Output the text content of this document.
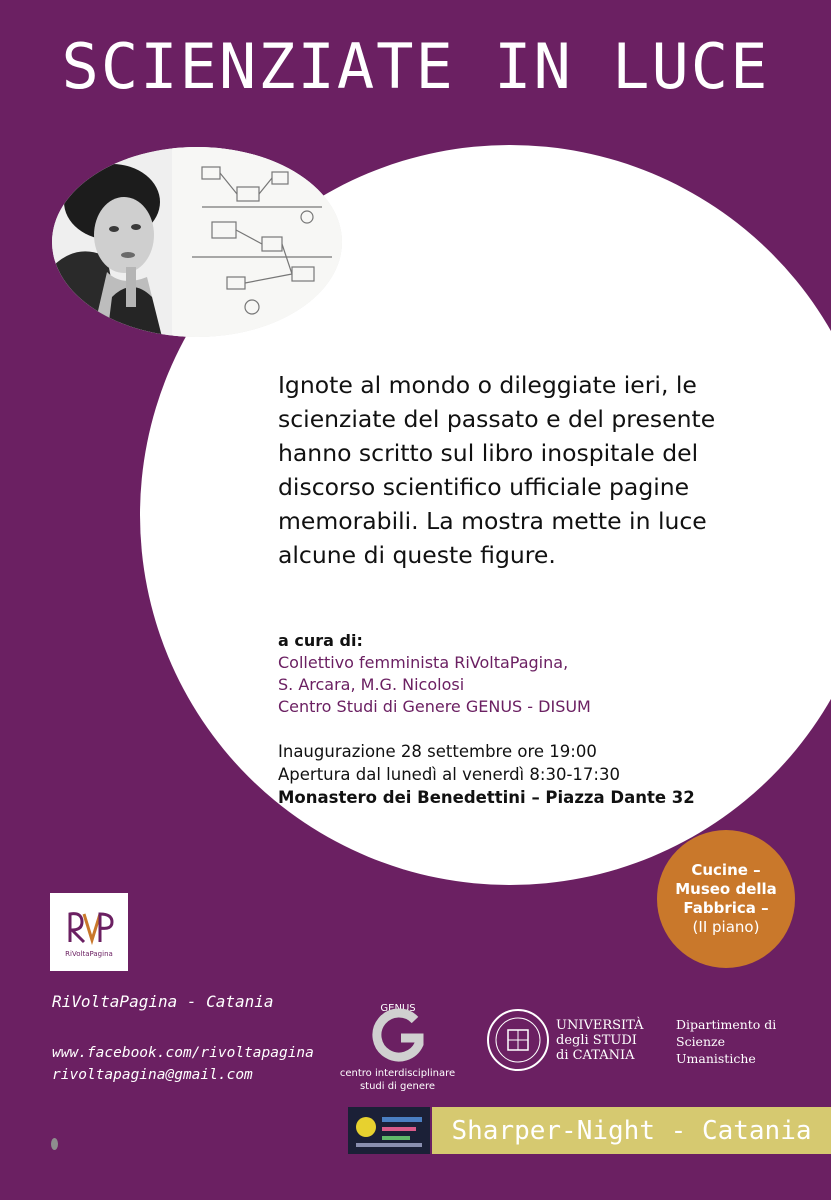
SCIENZIATE IN LUCE
Ignote al mondo o dileggiate ieri, le scienziate del passato e del presente hanno scritto sul libro inospitale del discorso scientifico ufficiale pagine memorabili. La mostra mette in luce alcune di queste figure.
a cura di:
Collettivo femminista RiVoltaPagina,
S. Arcara, M.G. Nicolosi
Centro Studi di Genere GENUS - DISUM
Inaugurazione 28 settembre ore 19:00
Apertura dal lunedì al venerdì 8:30-17:30
Monastero dei Benedettini – Piazza Dante 32
Cucine –
Museo della
Fabbrica –
(II piano)
RiVoltaPagina
RiVoltaPagina - Catania
www.facebook.com/rivoltapagina
rivoltapagina@gmail.com
GENUS
centro interdisciplinare
studi di genere
UNIVERSITÀ
degli STUDI
di CATANIA
Dipartimento di
Scienze
Umanistiche
Sharper-Night - Catania
